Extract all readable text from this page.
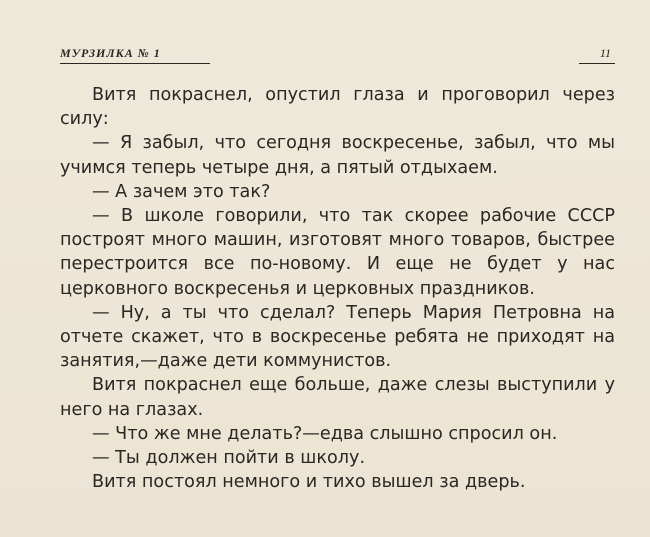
МУРЗИЛКА № 1	11

Витя покраснел, опустил глаза и проговорил через силу:

— Я забыл, что сегодня воскресенье, забыл, что мы учимся теперь четыре дня, а пятый отдыхаем.

— А зачем это так?

— В школе говорили, что так скорее рабочие СССР построят много машин, изготовят много товаров, быстрее перестроится все по-новому. И еще не будет у нас церковного воскресенья и церковных праздников.

— Ну, а ты что сделал? Теперь Мария Петровна на отчете скажет, что в воскресенье ребята не приходят на занятия,—даже дети коммунистов.

Витя покраснел еще больше, даже слезы выступили у него на глазах.

— Что же мне делать?—едва слышно спросил он.

— Ты должен пойти в школу.

Витя постоял немного и тихо вышел за дверь.
